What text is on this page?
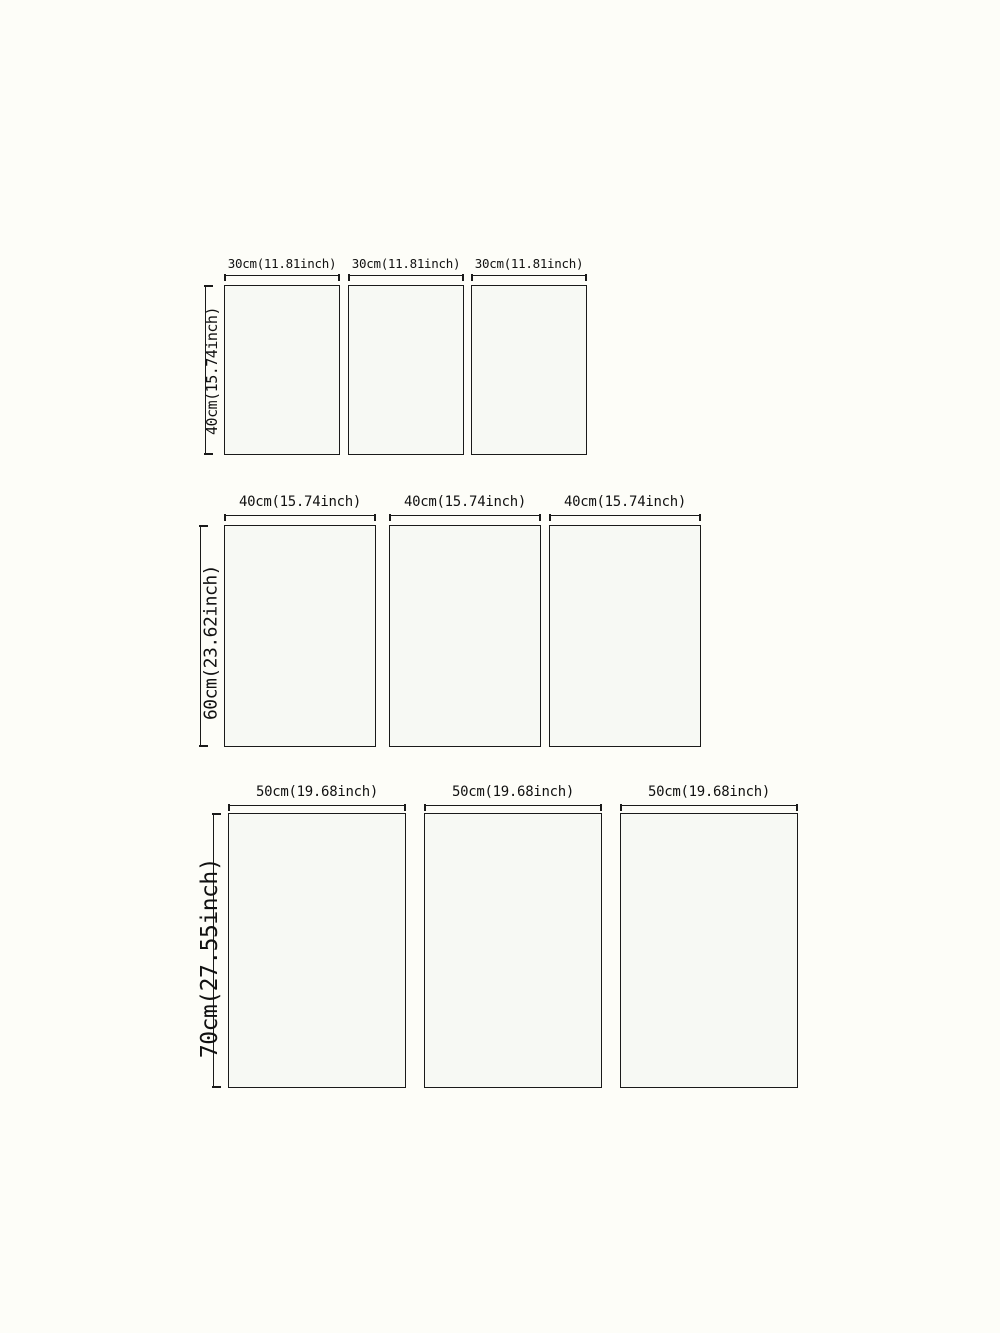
40cm(15.74inch)
30cm(11.81inch)	30cm(11.81inch)	30cm(11.81inch)
60cm(23.62inch)
40cm(15.74inch)	40cm(15.74inch)	40cm(15.74inch)
70cm(27.55inch)
50cm(19.68inch)	50cm(19.68inch)	50cm(19.68inch)
